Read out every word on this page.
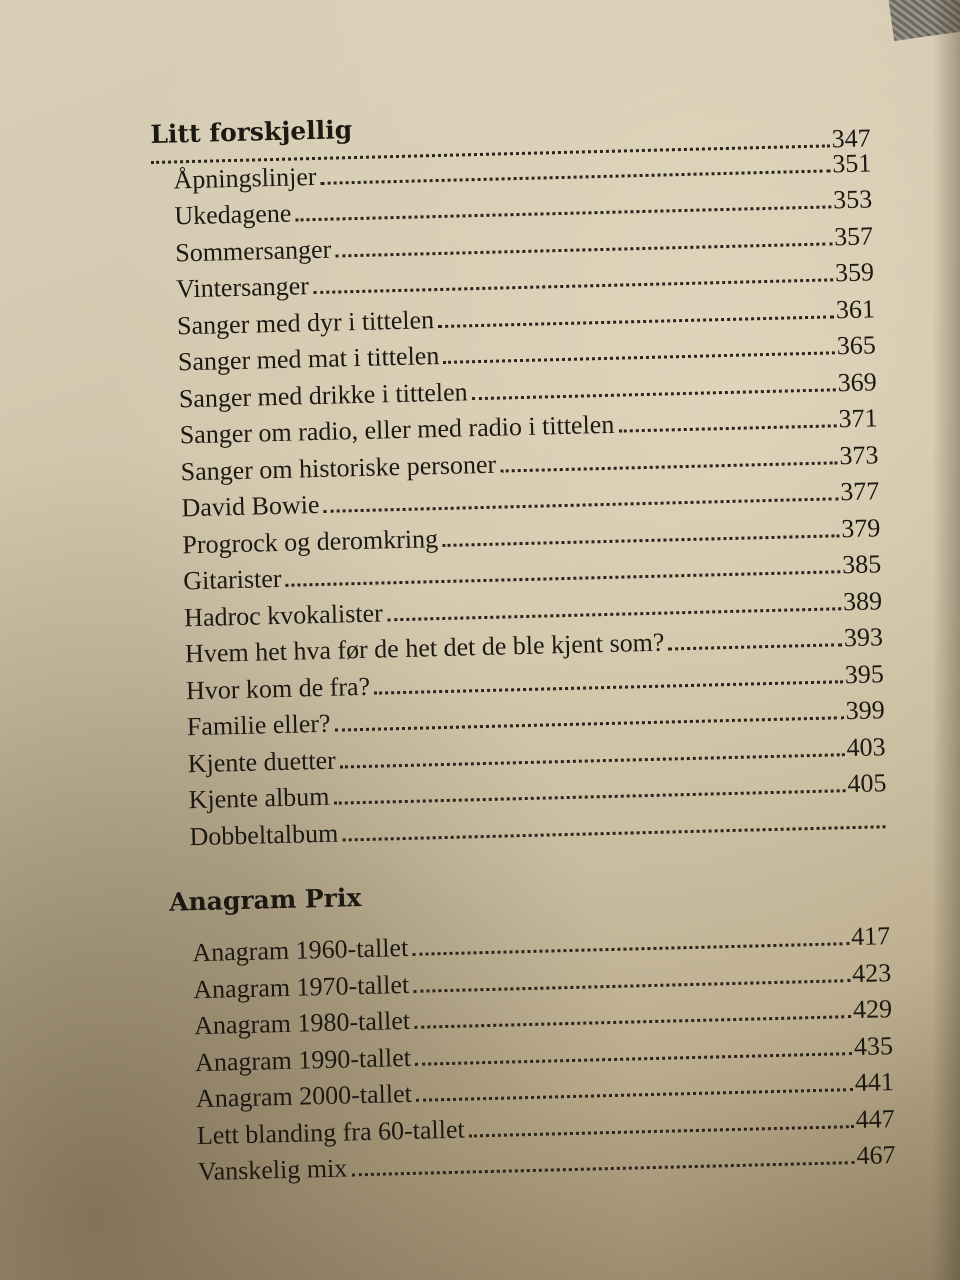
Litt forskjellig	347
Åpningslinjer	351
Ukedagene	353
Sommersanger	357
Vintersanger	359
Sanger med dyr i tittelen	361
Sanger med mat i tittelen	365
Sanger med drikke i tittelen	369
Sanger om radio, eller med radio i tittelen	371
Sanger om historiske personer	373
David Bowie	377
Progrock og deromkring	379
Gitarister	385
Hadroc kvokalister	389
Hvem het hva før de het det de ble kjent som?	393
Hvor kom de fra?	395
Familie eller?	399
Kjente duetter	403
Kjente album	405
Dobbeltalbum
Anagram Prix
Anagram 1960-tallet	417
Anagram 1970-tallet	423
Anagram 1980-tallet	429
Anagram 1990-tallet	435
Anagram 2000-tallet	441
Lett blanding fra 60-tallet	447
Vanskelig mix	467
